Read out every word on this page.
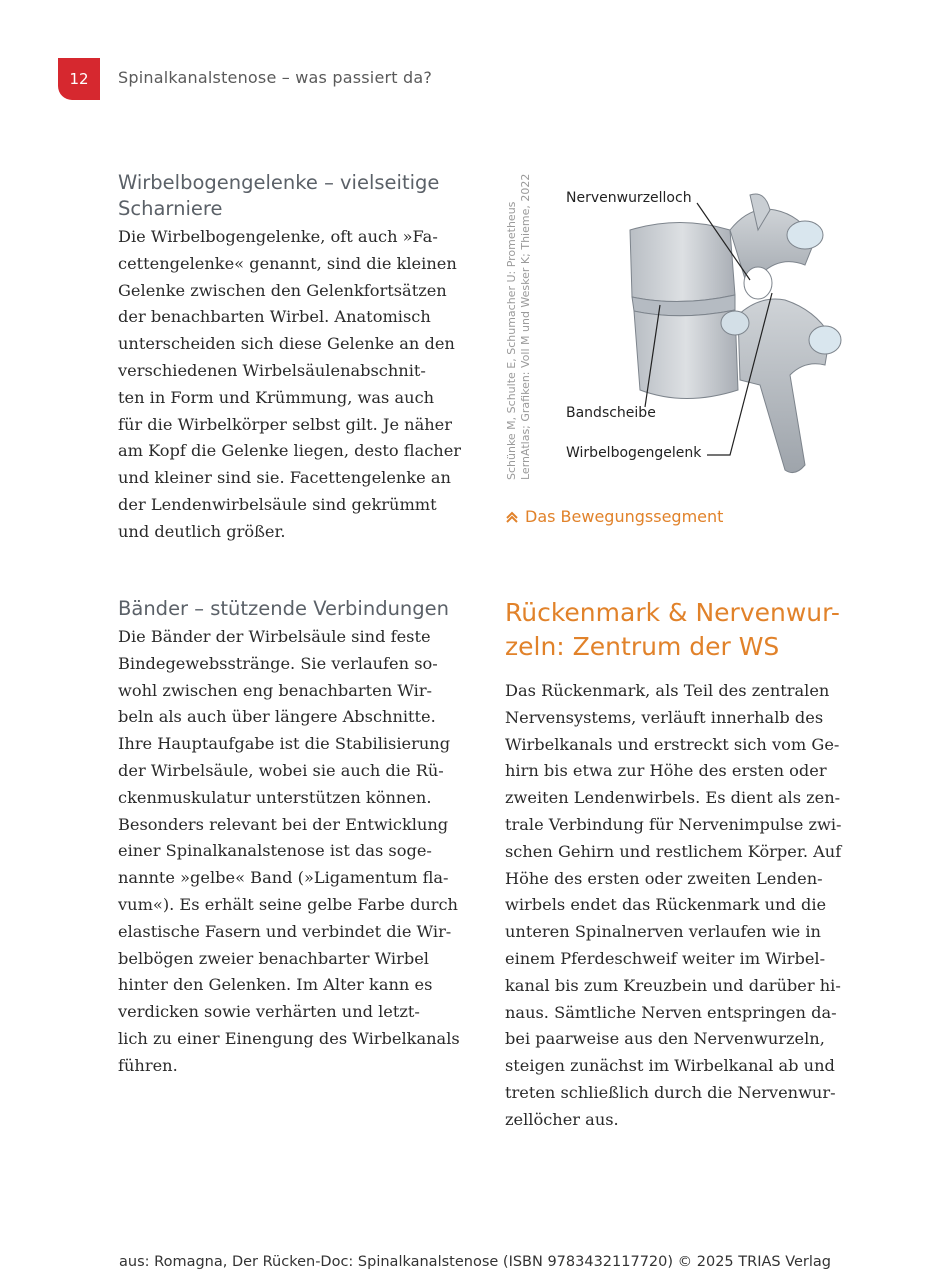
12 Spinalkanalstenose – was passiert da?
Wirbelbogengelenke – vielseitige
Scharniere

Die Wirbelbogengelenke, oft auch »Fa-
cettengelenke« genannt, sind die kleinen
Gelenke zwischen den Gelenkfortsätzen
der benachbarten Wirbel. Anatomisch
unterscheiden sich diese Gelenke an den
verschiedenen Wirbelsäulenabschnit-
ten in Form und Krümmung, was auch
für die Wirbelkörper selbst gilt. Je näher
am Kopf die Gelenke liegen, desto flacher
und kleiner sind sie. Facettengelenke an
der Lendenwirbelsäule sind gekrümmt
und deutlich größer.

Bänder – stützende Verbindungen

Die Bänder der Wirbelsäule sind feste
Bindegewebsstränge. Sie verlaufen so-
wohl zwischen eng benachbarten Wir-
beln als auch über längere Abschnitte.
Ihre Hauptaufgabe ist die Stabilisierung
der Wirbelsäule, wobei sie auch die Rü-
ckenmuskulatur unterstützen können.
Besonders relevant bei der Entwicklung
einer Spinalkanalstenose ist das soge-
nannte »gelbe« Band (»Ligamentum fla-
vum«). Es erhält seine gelbe Farbe durch
elastische Fasern und verbindet die Wir-
belbögen zweier benachbarter Wirbel
hinter den Gelenken. Im Alter kann es
verdicken sowie verhärten und letzt-
lich zu einer Einengung des Wirbelkanals
führen.

Schünke M, Schulte E, Schumacher U: Prometheus LernAtlas; Grafiken: Voll M und Wesker K; Thieme, 2022 Nervenwurzelloch
Bandscheibe
Wirbelbogengelenk
Das Bewegungssegment
Rückenmark & Nervenwur-
zeln: Zentrum der WS

Das Rückenmark, als Teil des zentralen
Nervensystems, verläuft innerhalb des
Wirbelkanals und erstreckt sich vom Ge-
hirn bis etwa zur Höhe des ersten oder
zweiten Lendenwirbels. Es dient als zen-
trale Verbindung für Nervenimpulse zwi-
schen Gehirn und restlichem Körper. Auf
Höhe des ersten oder zweiten Lenden-
wirbels endet das Rückenmark und die
unteren Spinalnerven verlaufen wie in
einem Pferdeschweif weiter im Wirbel-
kanal bis zum Kreuzbein und darüber hi-
naus. Sämtliche Nerven entspringen da-
bei paarweise aus den Nervenwurzeln,
steigen zunächst im Wirbelkanal ab und
treten schließlich durch die Nervenwur-
zellöcher aus.

aus: Romagna, Der Rücken-Doc: Spinalkanalstenose (ISBN 9783432117720) © 2025 TRIAS Verlag
